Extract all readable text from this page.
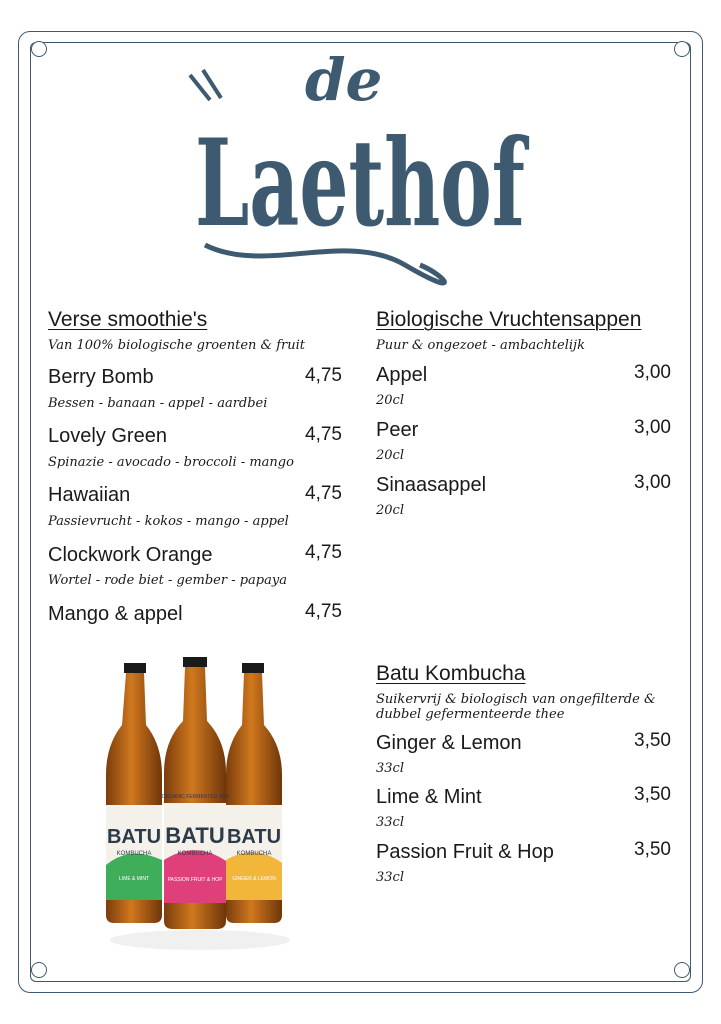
de
Laethof
Verse smoothie's
Van 100% biologische groenten & fruit
Berry Bomb	4,75
Bessen - banaan - appel - aardbei
Lovely Green	4,75
Spinazie - avocado - broccoli - mango
Hawaiian	4,75
Passievrucht - kokos - mango - appel
Clockwork Orange	4,75
Wortel - rode biet - gember - papaya
Mango & appel	4,75
Biologische Vruchtensappen
Puur & ongezoet - ambachtelijk
Appel	3,00
20cl
Peer	3,00
20cl
Sinaasappel	3,00
20cl
Batu Kombucha
Suikervrij & biologisch van ongefilterde &
dubbel gefermenteerde thee
Ginger & Lemon	3,50
33cl
Lime & Mint	3,50
33cl
Passion Fruit & Hop	3,50
33cl
BATU
KOMBUCHA
LIME & MINT
BATU
KOMBUCHA
GINGER & LEMON
ORGANIC FERMENTED TEA
BATU
KOMBUCHA
PASSION FRUIT & HOP
